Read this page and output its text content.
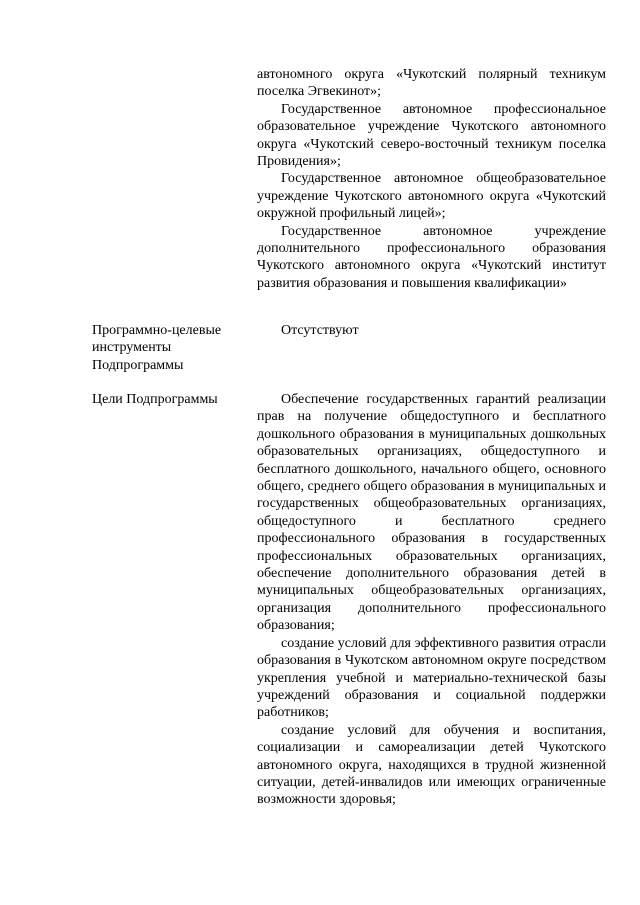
автономного округа «Чукотский полярный техникум поселка Эгвекинот»;

Государственное автономное профессиональное образовательное учреждение Чукотского автономного округа «Чукотский северо-восточный техникум поселка Провидения»;

Государственное автономное общеобразовательное учреждение Чукотского автономного округа «Чукотский окружной профильный лицей»;

Государственное автономное учреждение дополнительного профессионального образования Чукотского автономного округа «Чукотский институт развития образования и повышения квалификации»

Программно-целевые инструменты Подпрограммы

Отсутствуют

Цели Подпрограммы	Обеспечение государственных гарантий реализации прав на получение общедоступного и бесплатного дошкольного образования в муниципальных дошкольных образовательных организациях, общедоступного и бесплатного дошкольного, начального общего, основного общего, среднего общего образования в муниципальных и государственных общеобразовательных организациях, общедоступного и бесплатного среднего профессионального образования в государственных профессиональных образовательных организациях, обеспечение дополнительного образования детей в муниципальных общеобразовательных организациях, организация дополнительного профессионального образования;

создание условий для эффективного развития отрасли образования в Чукотском автономном округе посредством укрепления учебной и материально-технической базы учреждений образования и социальной поддержки работников;

создание условий для обучения и воспитания, социализации и самореализации детей Чукотского автономного округа, находящихся в трудной жизненной ситуации, детей-инвалидов или имеющих ограниченные возможности здоровья;
